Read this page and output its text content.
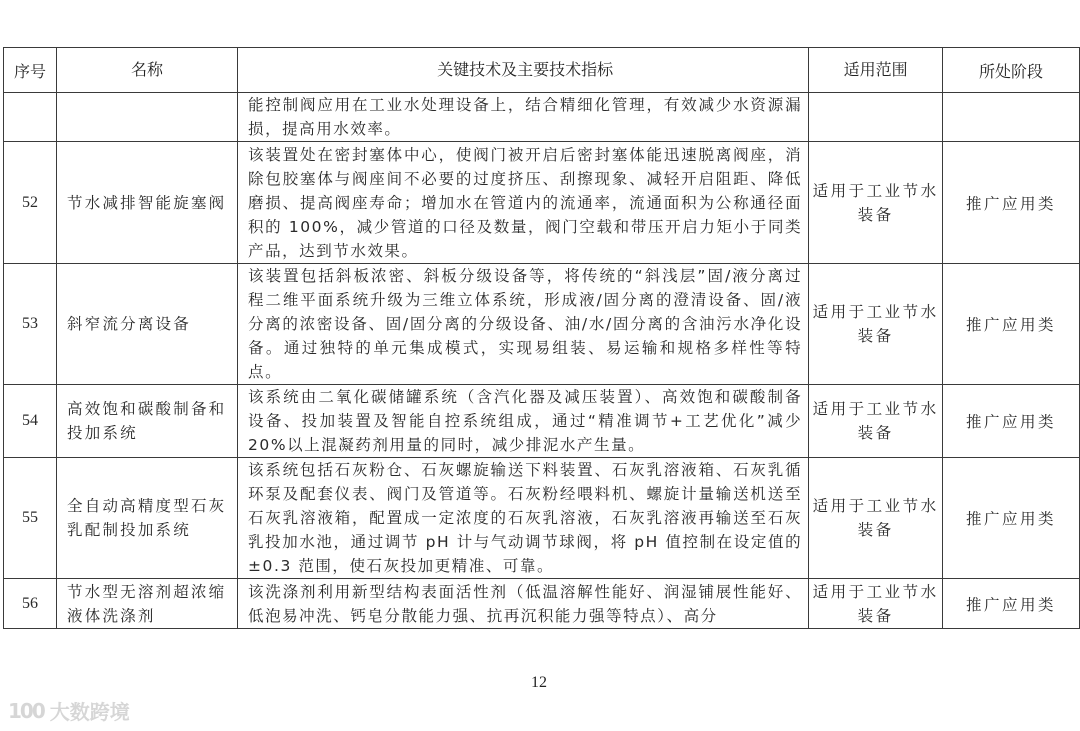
序号	名称	关键技术及主要技术指标	适用范围	所处阶段
		能控制阀应用在工业水处理设备上，结合精细化管理，有效减少水资源漏损，提高用水效率。		
52	节水减排智能旋塞阀	该装置处在密封塞体中心，使阀门被开启后密封塞体能迅速脱离阀座，消除包胶塞体与阀座间不必要的过度挤压、刮擦现象、减轻开启阻距、降低磨损、提高阀座寿命；增加水在管道内的流通率，流通面积为公称通径面积的 100%，减少管道的口径及数量，阀门空载和带压开启力矩小于同类产品，达到节水效果。	适用于工业节水装备	推广应用类
53	斜窄流分离设备	该装置包括斜板浓密、斜板分级设备等，将传统的“斜浅层”固/液分离过程二维平面系统升级为三维立体系统，形成液/固分离的澄清设备、固/液分离的浓密设备、固/固分离的分级设备、油/水/固分离的含油污水净化设备。通过独特的单元集成模式，实现易组装、易运输和规格多样性等特点。	适用于工业节水装备	推广应用类
54	高效饱和碳酸制备和投加系统	该系统由二氧化碳储罐系统（含汽化器及减压装置）、高效饱和碳酸制备设备、投加装置及智能自控系统组成，通过“精准调节+工艺优化”减少 20%以上混凝药剂用量的同时，减少排泥水产生量。	适用于工业节水装备	推广应用类
55	全自动高精度型石灰乳配制投加系统	该系统包括石灰粉仓、石灰螺旋输送下料装置、石灰乳溶液箱、石灰乳循环泵及配套仪表、阀门及管道等。石灰粉经喂料机、螺旋计量输送机送至石灰乳溶液箱，配置成一定浓度的石灰乳溶液，石灰乳溶液再输送至石灰乳投加水池，通过调节 pH 计与气动调节球阀，将 pH 值控制在设定值的±0.3 范围，使石灰投加更精准、可靠。	适用于工业节水装备	推广应用类
56	节水型无溶剂超浓缩液体洗涤剂	该洗涤剂利用新型结构表面活性剂（低温溶解性能好、润湿铺展性能好、低泡易冲洗、钙皂分散能力强、抗再沉积能力强等特点）、高分	适用于工业节水装备	推广应用类
12
100 大数跨境
